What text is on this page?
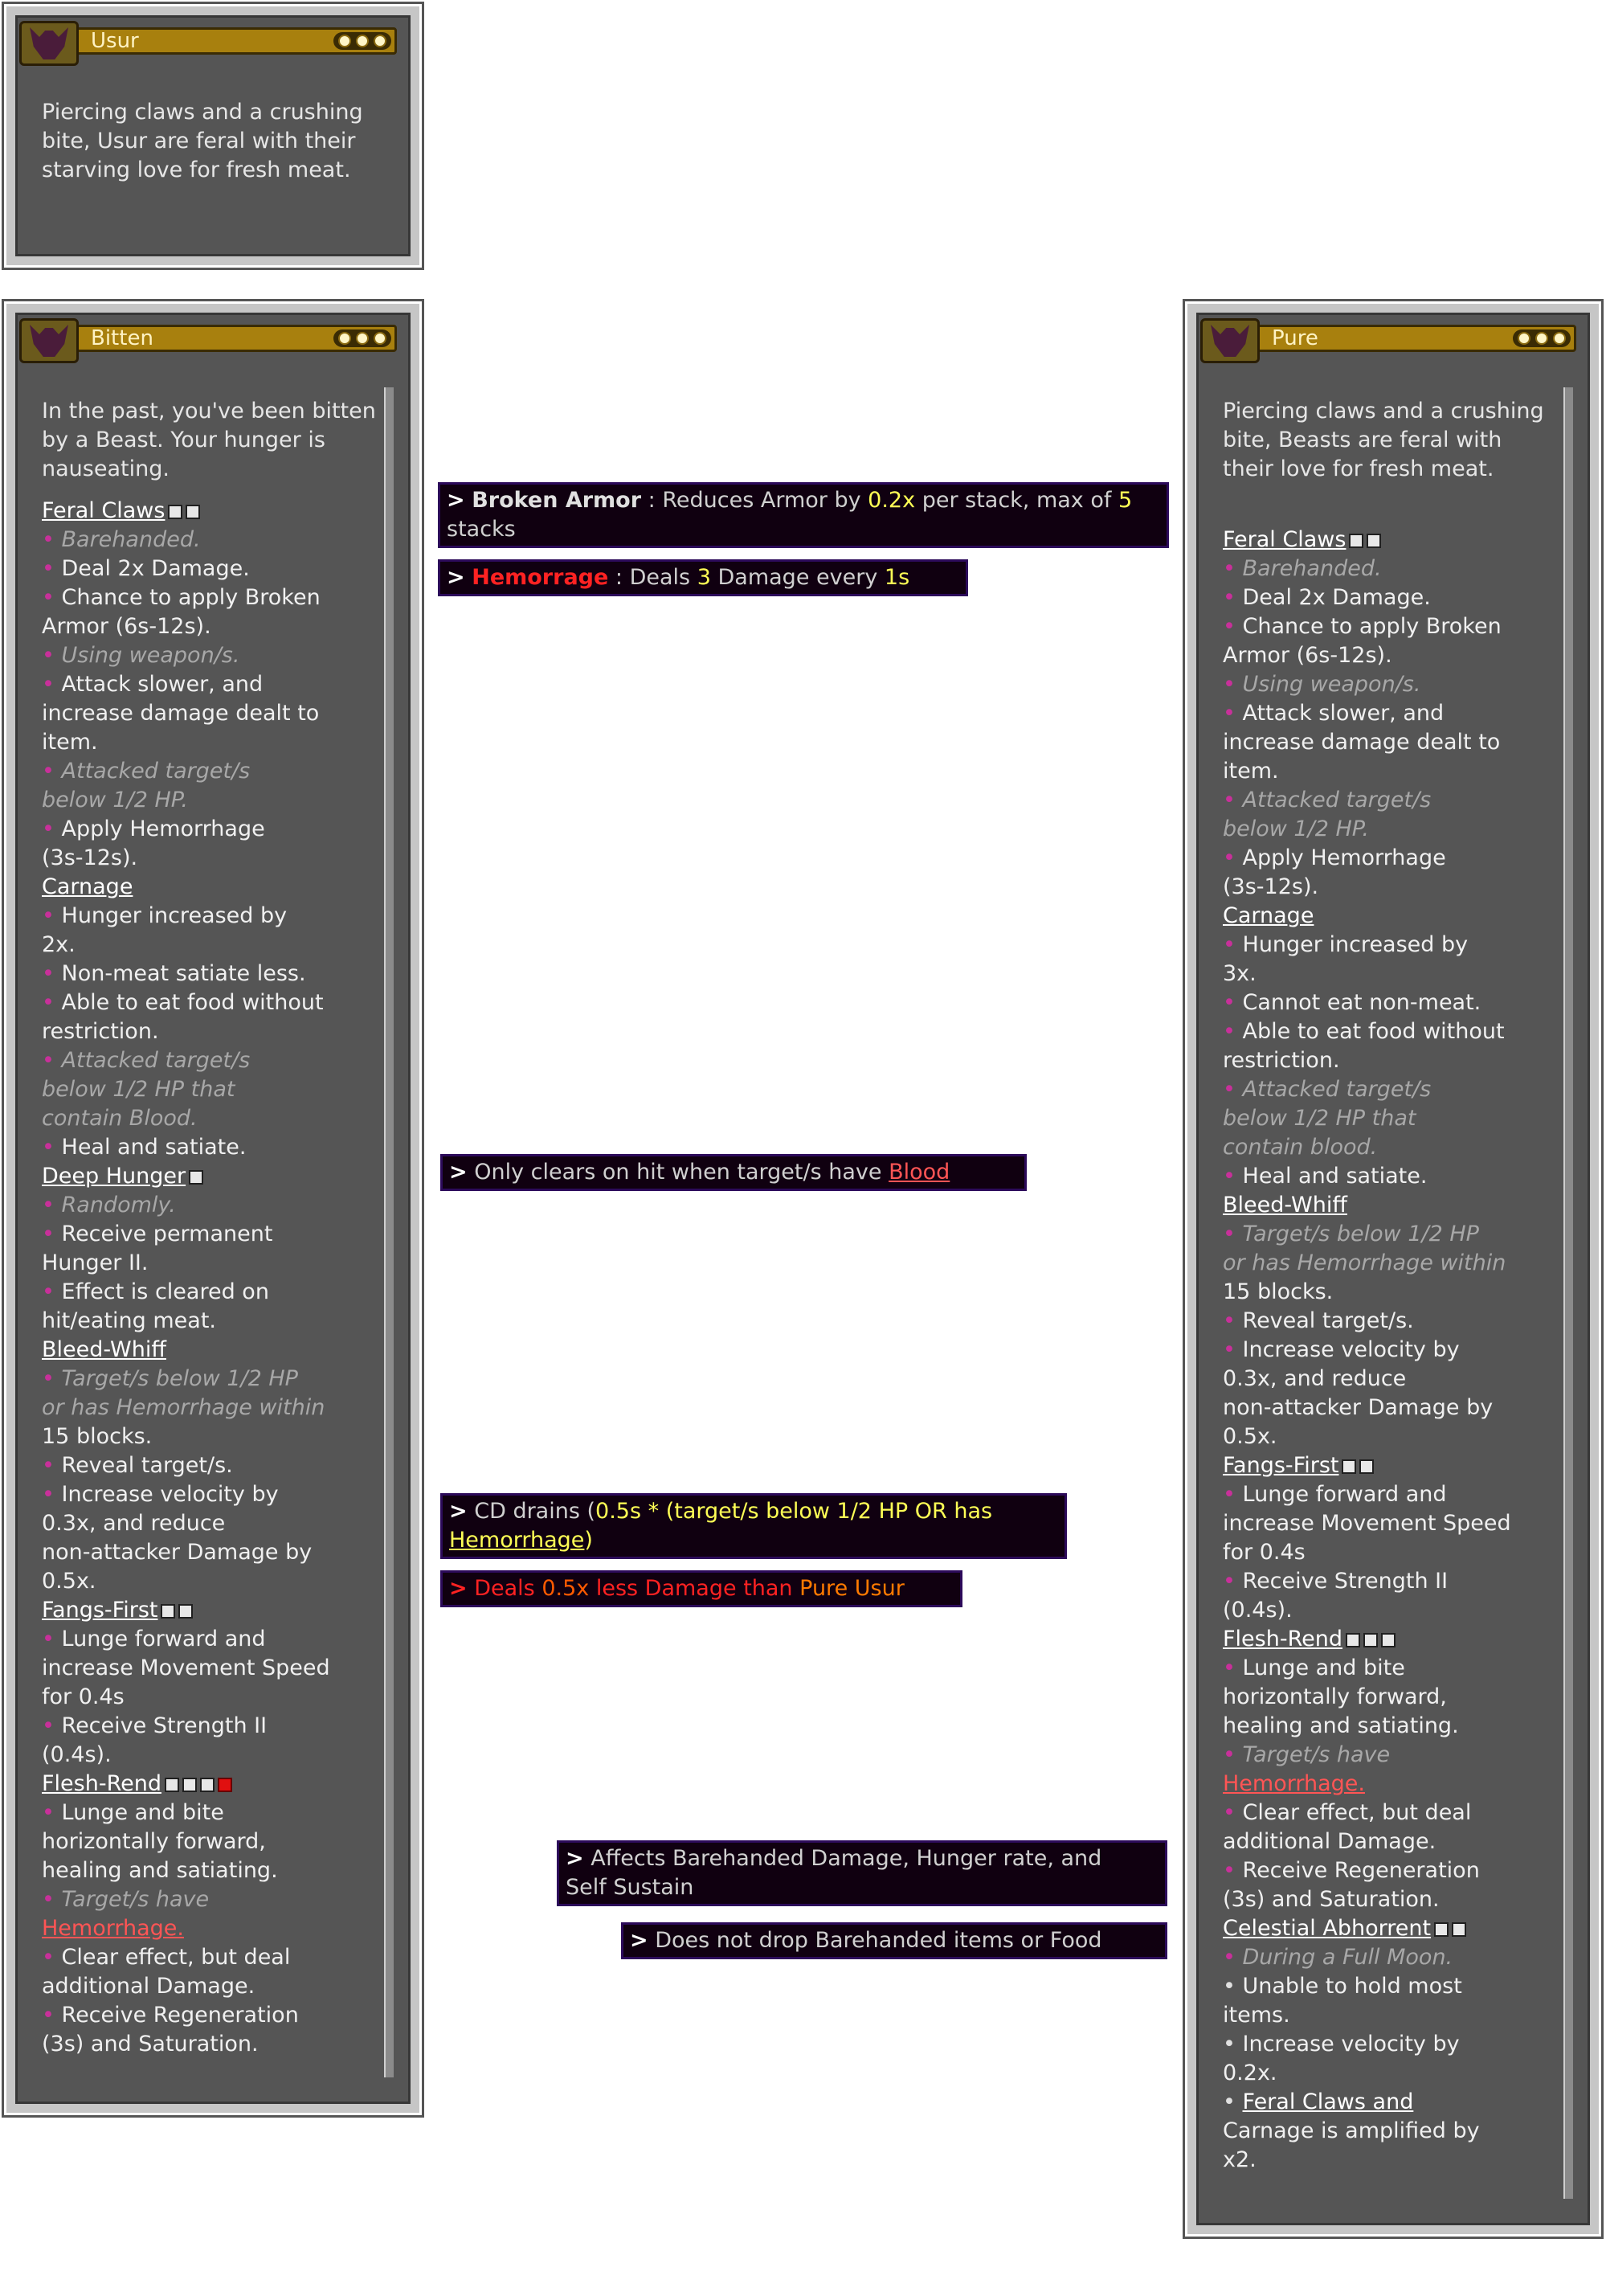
Usur
Piercing claws and a crushing bite, Usur are feral with their starving love for fresh meat.
Bitten
In the past, you've been bitten by a Beast. Your hunger is nauseating.
Feral Claws
• Barehanded.
• Deal 2x Damage.
• Chance to apply Broken
Armor (6s-12s).
• Using weapon/s.
• Attack slower, and
increase damage dealt to
item.
• Attacked target/s
below 1/2 HP.
• Apply Hemorrhage
(3s-12s).
Carnage
• Hunger increased by
2x.
• Non-meat satiate less.
• Able to eat food without
restriction.
• Attacked target/s
below 1/2 HP that
contain Blood.
• Heal and satiate.
Deep Hunger
• Randomly.
• Receive permanent
Hunger II.
• Effect is cleared on
hit/eating meat.
Bleed-Whiff
• Target/s below 1/2 HP
or has Hemorrhage within
15 blocks.
• Reveal target/s.
• Increase velocity by
0.3x, and reduce
non-attacker Damage by
0.5x.
Fangs-First
• Lunge forward and
increase Movement Speed
for 0.4s
• Receive Strength II
(0.4s).
Flesh-Rend
• Lunge and bite
horizontally forward,
healing and satiating.
• Target/s have
Hemorrhage.
• Clear effect, but deal
additional Damage.
• Receive Regeneration
(3s) and Saturation.
Pure
Piercing claws and a crushing bite, Beasts are feral with their love for fresh meat.
Feral Claws
• Barehanded.
• Deal 2x Damage.
• Chance to apply Broken
Armor (6s-12s).
• Using weapon/s.
• Attack slower, and
increase damage dealt to
item.
• Attacked target/s
below 1/2 HP.
• Apply Hemorrhage
(3s-12s).
Carnage
• Hunger increased by
3x.
• Cannot eat non-meat.
• Able to eat food without
restriction.
• Attacked target/s
below 1/2 HP that
contain blood.
• Heal and satiate.
Bleed-Whiff
• Target/s below 1/2 HP
or has Hemorrhage within
15 blocks.
• Reveal target/s.
• Increase velocity by
0.3x, and reduce
non-attacker Damage by
0.5x.
Fangs-First
• Lunge forward and
increase Movement Speed
for 0.4s
• Receive Strength II
(0.4s).
Flesh-Rend
• Lunge and bite
horizontally forward,
healing and satiating.
• Target/s have
Hemorrhage.
• Clear effect, but deal
additional Damage.
• Receive Regeneration
(3s) and Saturation.
Celestial Abhorrent
• During a Full Moon.
• Unable to hold most
items.
• Increase velocity by
0.2x.
• Feral Claws and
Carnage is amplified by
x2.
> Broken Armor : Reduces Armor by 0.2x per stack, max of 5 stacks
> Hemorrage : Deals 3 Damage every 1s
> Only clears on hit when target/s have Blood
> CD drains (0.5s * (target/s below 1/2 HP OR has Hemorrhage)
> Deals 0.5x less Damage than Pure Usur
> Affects Barehanded Damage, Hunger rate, and
Self Sustain
> Does not drop Barehanded items or Food
